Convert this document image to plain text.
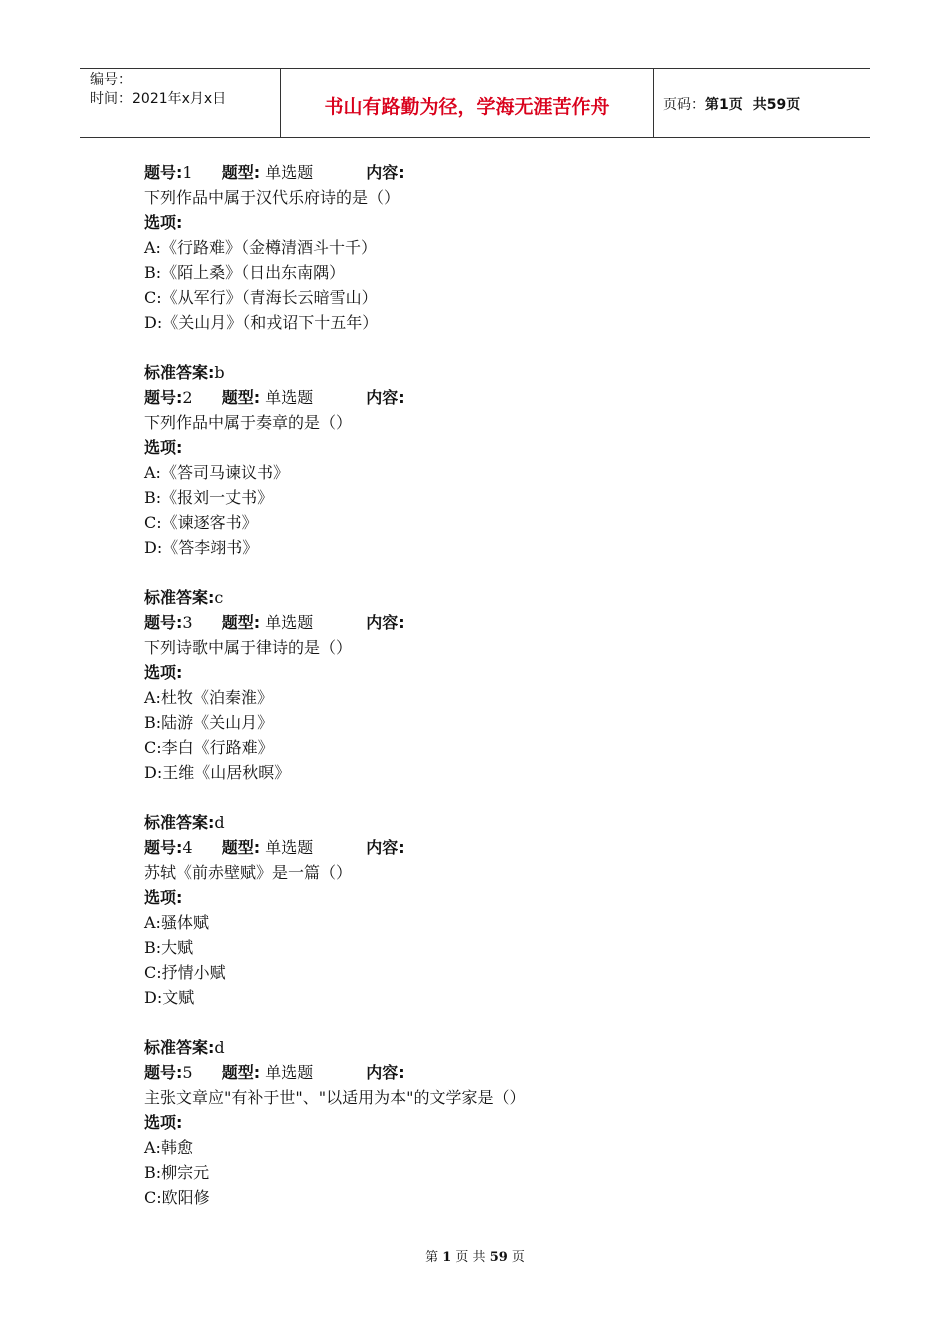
编号：
时间：2021年x月x日	书山有路勤为径，学海无涯苦作舟	页码： 第1页 共59页
题号:1 题型: 单选题	内容:
下列作品中属于汉代乐府诗的是（）
选项:
A:《行路难》（金樽清酒斗十千）
B:《陌上桑》（日出东南隅）
C:《从军行》（青海长云暗雪山）
D:《关山月》（和戎诏下十五年）
标准答案:b
题号:2 题型: 单选题	内容:
下列作品中属于奏章的是（）
选项:
A:《答司马谏议书》
B:《报刘一丈书》
C:《谏逐客书》
D:《答李翊书》
标准答案:c
题号:3 题型: 单选题	内容:
下列诗歌中属于律诗的是（）
选项:
A:杜牧《泊秦淮》
B:陆游《关山月》
C:李白《行路难》
D:王维《山居秋暝》
标准答案:d
题号:4 题型: 单选题	内容:
苏轼《前赤壁赋》是一篇（）
选项:
A:骚体赋
B:大赋
C:抒情小赋
D:文赋
标准答案:d
题号:5 题型: 单选题	内容:
主张文章应"有补于世"、"以适用为本"的文学家是（）
选项:
A:韩愈
B:柳宗元
C:欧阳修
第 1 页 共 59 页
